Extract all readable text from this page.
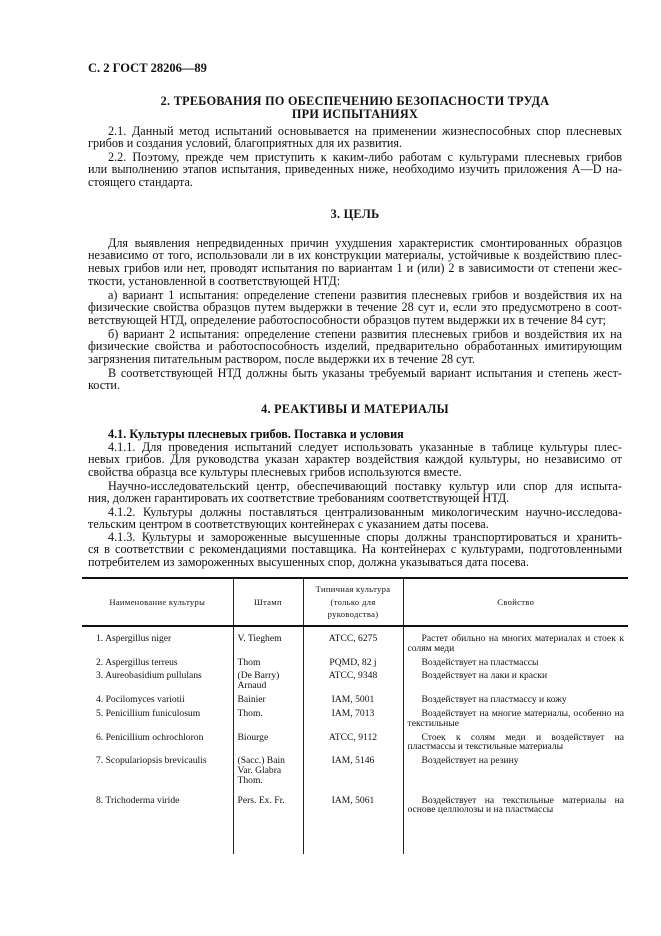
С. 2 ГОСТ 28206—89
2. ТРЕБОВАНИЯ ПО ОБЕСПЕЧЕНИЮ БЕЗОПАСНОСТИ ТРУДА
ПРИ ИСПЫТАНИЯХ
2.1. Данный метод испытаний основывается на применении жизнеспособных спор плесневых
грибов и создания условий, благоприятных для их развития.
2.2. Поэтому, прежде чем приступить к каким-либо работам с культурами плесневых грибов
или выполнению этапов испытания, приведенных ниже, необходимо изучить приложения A—D на-
стоящего стандарта.
3. ЦЕЛЬ
Для выявления непредвиденных причин ухудшения характеристик смонтированных образцов
независимо от того, использовали ли в их конструкции материалы, устойчивые к воздействию плес-
невых грибов или нет, проводят испытания по вариантам 1 и (или) 2 в зависимости от степени жес-
ткости, установленной в соответствующей НТД:
а) вариант 1 испытания: определение степени развития плесневых грибов и воздействия их на
физические свойства образцов путем выдержки в течение 28 сут и, если это предусмотрено в соот-
ветствующей НТД, определение работоспособности образцов путем выдержки их в течение 84 сут;
б) вариант 2 испытания: определение степени развития плесневых грибов и воздействия их на
физические свойства и работоспособность изделий, предварительно обработанных имитирующим
загрязнения питательным раствором, после выдержки их в течение 28 сут.
В соответствующей НТД должны быть указаны требуемый вариант испытания и степень жест-
кости.
4. РЕАКТИВЫ И МАТЕРИАЛЫ
4.1. Культуры плесневых грибов. Поставка и условия
4.1.1. Для проведения испытаний следует использовать указанные в таблице культуры плес-
невых грибов. Для руководства указан характер воздействия каждой культуры, но независимо от
свойства образца все культуры плесневых грибов используются вместе.
Научно-исследовательский центр, обеспечивающий поставку культур или спор для испыта-
ния, должен гарантировать их соответствие требованиям соответствующей НТД.
4.1.2. Культуры должны поставляться централизованным микологическим научно-исследова-
тельским центром в соответствующих контейнерах с указанием даты посева.
4.1.3. Культуры и замороженные высушенные споры должны транспортироваться и хранить-
ся в соответствии с рекомендациями поставщика. На контейнерах с культурами, подготовленными
потребителем из замороженных высушенных спор, должна указываться дата посева.
Наименование культуры	Штамп	Типичная культура (только для руководства)	Свойство
1. Aspergillus niger	V. Tieghem	ATCC, 6275	Растет обильно на многих материалах и стоек к солям меди
2. Aspergillus terreus	Thom	PQMD, 82 j	Воздействует на пластмассы
3. Aureobasidium pullulans	(De Barry) Arnaud	ATCC, 9348	Воздействует на лаки и краски
4. Pocilomyces variotii	Bainier	IAM, 5001	Воздействует на пластмассу и кожу
5. Penicillium funiculosum	Thom.	IAM, 7013	Воздействует на многие материалы, особенно на текстильные
6. Penicillium ochrochloron	Biourge	ATCC, 9112	Стоек к солям меди и воздействует на пластмассы и текстильные материалы
7. Scopulariopsis brevicaulis	(Sacc.) Bain Var. Glabra Thom.	IAM, 5146	Воздействует на резину
8. Trichoderma viride	Pers. Ex. Fr.	IAM, 5061	Воздействует на текстильные материалы на основе целлюлозы и на пластмассы
